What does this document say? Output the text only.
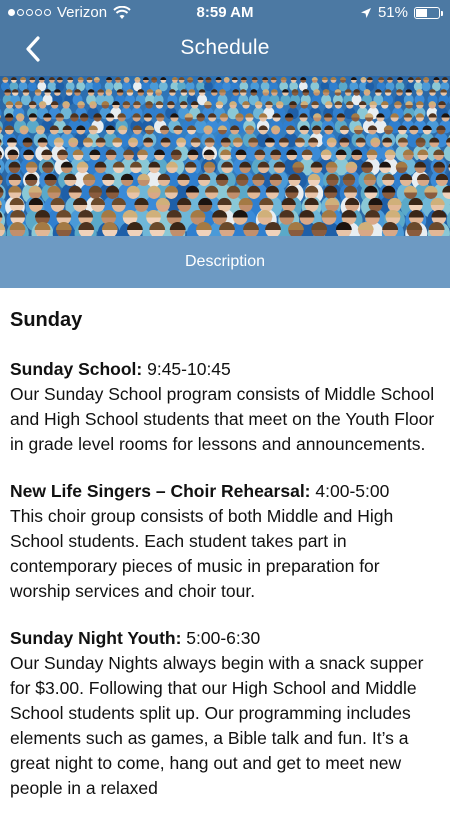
Verizon	8:59 AM	51%
Schedule
Description
Sunday
Sunday School: 9:45-10:45
Our Sunday School program consists of Middle School and High School students that meet on the Youth Floor in grade level rooms for lessons and announcements.
New Life Singers – Choir Rehearsal: 4:00-5:00
This choir group consists of both Middle and High School students. Each student takes part in contemporary pieces of music in preparation for worship services and choir tour.
Sunday Night Youth: 5:00-6:30
Our Sunday Nights always begin with a snack supper for $3.00. Following that our High School and Middle School students split up. Our programming includes elements such as games, a Bible talk and fun. It’s a great night to come, hang out and get to meet new people in a relaxed
